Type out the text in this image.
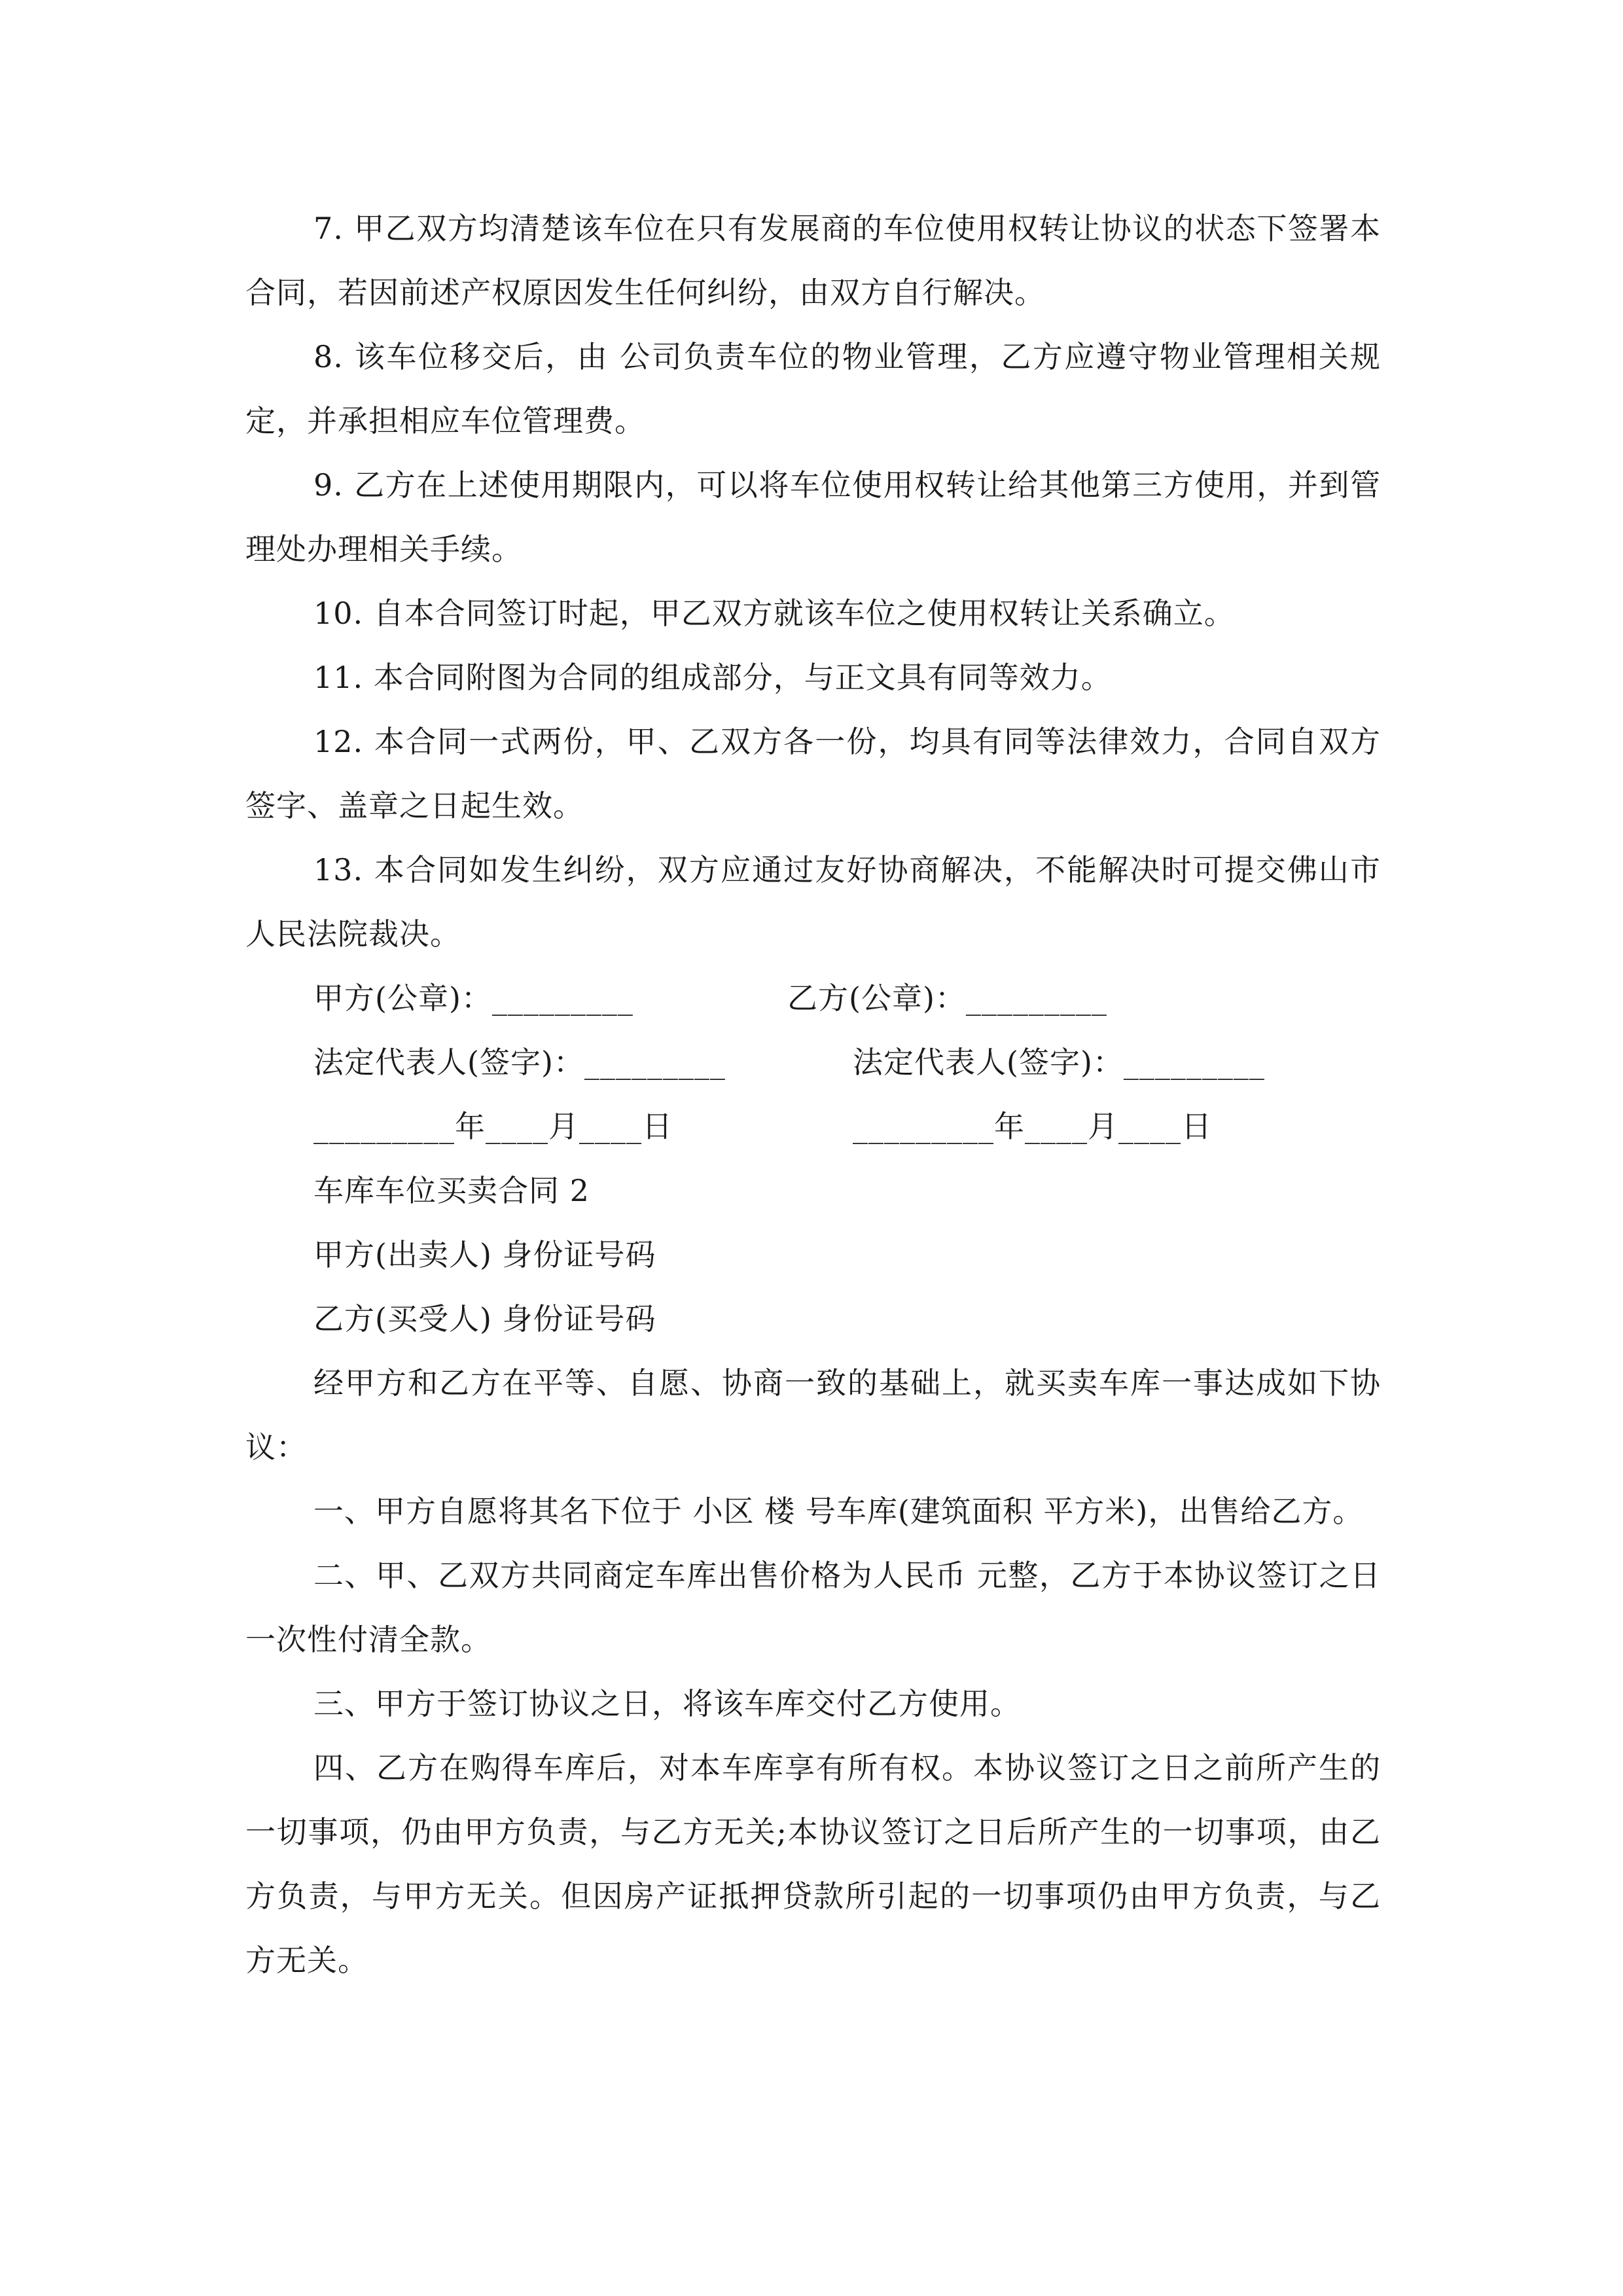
7. 甲乙双方均清楚该车位在只有发展商的车位使用权转让协议的状态下签署本合同，若因前述产权原因发生任何纠纷，由双方自行解决。

8. 该车位移交后，由 公司负责车位的物业管理，乙方应遵守物业管理相关规定，并承担相应车位管理费。

9. 乙方在上述使用期限内，可以将车位使用权转让给其他第三方使用，并到管理处办理相关手续。

10. 自本合同签订时起，甲乙双方就该车位之使用权转让关系确立。

11. 本合同附图为合同的组成部分，与正文具有同等效力。

12. 本合同一式两份，甲、乙双方各一份，均具有同等法律效力，合同自双方签字、盖章之日起生效。

13. 本合同如发生纠纷，双方应通过友好协商解决，不能解决时可提交佛山市人民法院裁决。

甲方(公章)：_________	乙方(公章)：_________
法定代表人(签字)：_________	法定代表人(签字)：_________
_________年____月____日	_________年____月____日
车库车位买卖合同 2
甲方(出卖人) 身份证号码
乙方(买受人) 身份证号码

经甲方和乙方在平等、自愿、协商一致的基础上，就买卖车库一事达成如下协议：

一、甲方自愿将其名下位于 小区 楼 号车库(建筑面积 平方米)，出售给乙方。

二、甲、乙双方共同商定车库出售价格为人民币 元整，乙方于本协议签订之日一次性付清全款。

三、甲方于签订协议之日，将该车库交付乙方使用。

四、乙方在购得车库后，对本车库享有所有权。本协议签订之日之前所产生的一切事项，仍由甲方负责，与乙方无关;本协议签订之日后所产生的一切事项，由乙方负责，与甲方无关。但因房产证抵押贷款所引起的一切事项仍由甲方负责，与乙方无关。
